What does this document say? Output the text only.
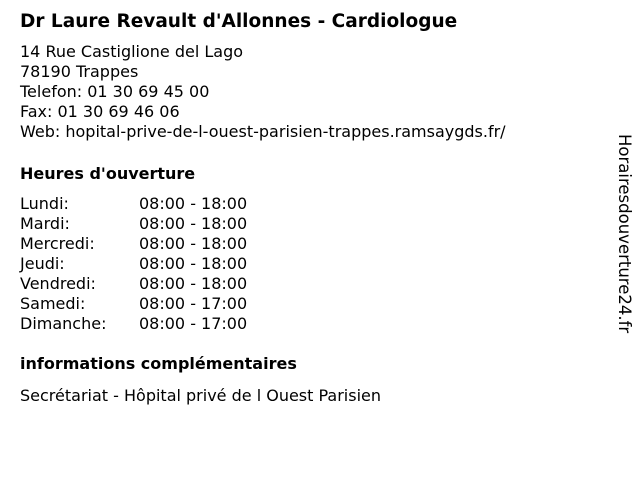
Dr Laure Revault d'Allonnes - Cardiologue
14 Rue Castiglione del Lago
78190 Trappes
Telefon: 01 30 69 45 00
Fax: 01 30 69 46 06
Web: hopital-prive-de-l-ouest-parisien-trappes.ramsaygds.fr/
Heures d'ouverture
Lundi:	08:00 - 18:00
Mardi:	08:00 - 18:00
Mercredi:	08:00 - 18:00
Jeudi:	08:00 - 18:00
Vendredi:	08:00 - 18:00
Samedi:	08:00 - 17:00
Dimanche:	08:00 - 17:00
informations complémentaires
Secrétariat - Hôpital privé de l Ouest Parisien
Horairesdouverture24.fr
